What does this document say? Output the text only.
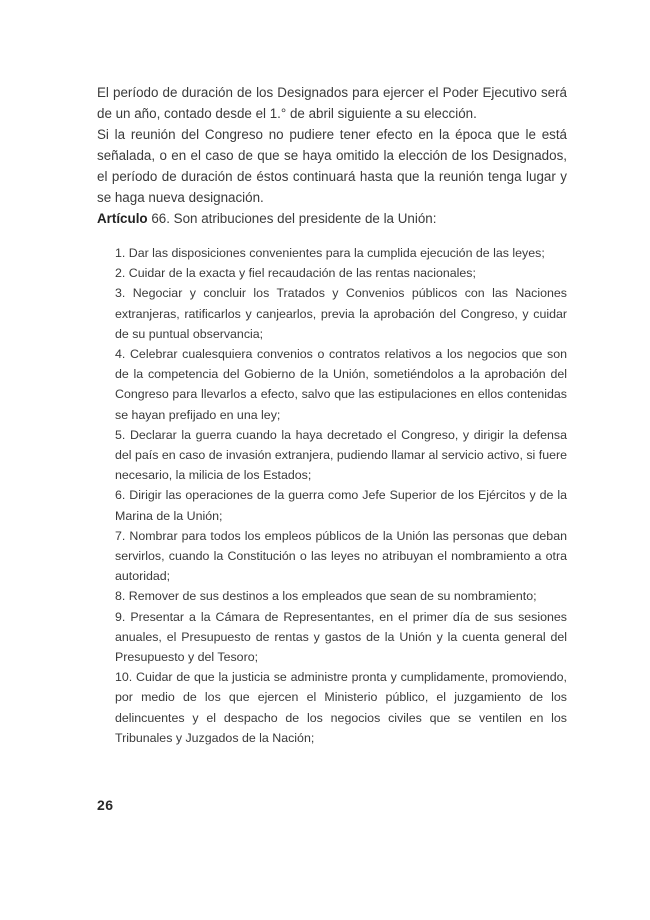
El período de duración de los Designados para ejercer el Poder Ejecutivo será de un año, contado desde el 1.° de abril siguiente a su elección.

Si la reunión del Congreso no pudiere tener efecto en la época que le está señalada, o en el caso de que se haya omitido la elección de los Designados, el período de duración de éstos continuará hasta que la reunión tenga lugar y se haga nueva designación.

Artículo 66. Son atribuciones del presidente de la Unión:

1. Dar las disposiciones convenientes para la cumplida ejecución de las leyes;
2. Cuidar de la exacta y fiel recaudación de las rentas nacionales;
3. Negociar y concluir los Tratados y Convenios públicos con las Naciones extranjeras, ratificarlos y canjearlos, previa la aprobación del Congreso, y cuidar de su puntual observancia;
4. Celebrar cualesquiera convenios o contratos relativos a los negocios que son de la competencia del Gobierno de la Unión, sometiéndolos a la aprobación del Congreso para llevarlos a efecto, salvo que las estipulaciones en ellos contenidas se hayan prefijado en una ley;
5. Declarar la guerra cuando la haya decretado el Congreso, y dirigir la defensa del país en caso de invasión extranjera, pudiendo llamar al servicio activo, si fuere necesario, la milicia de los Estados;
6. Dirigir las operaciones de la guerra como Jefe Superior de los Ejércitos y de la Marina de la Unión;
7. Nombrar para todos los empleos públicos de la Unión las personas que deban servirlos, cuando la Constitución o las leyes no atribuyan el nombramiento a otra autoridad;
8. Remover de sus destinos a los empleados que sean de su nombramiento;
9. Presentar a la Cámara de Representantes, en el primer día de sus sesiones anuales, el Presupuesto de rentas y gastos de la Unión y la cuenta general del Presupuesto y del Tesoro;
10. Cuidar de que la justicia se administre pronta y cumplidamente, promoviendo, por medio de los que ejercen el Ministerio público, el juzgamiento de los delincuentes y el despacho de los negocios civiles que se ventilen en los Tribunales y Juzgados de la Nación;
26
